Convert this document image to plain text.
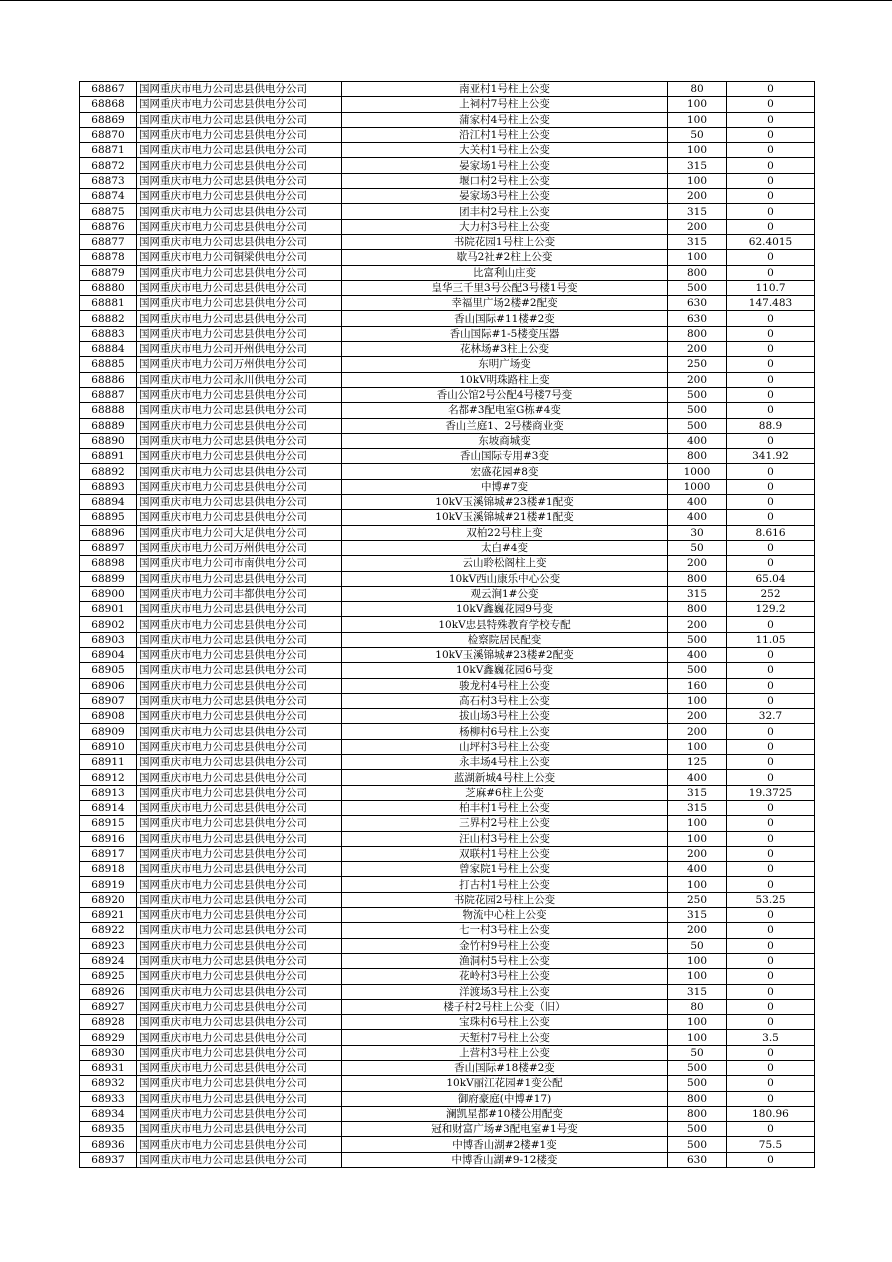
68867	国网重庆市电力公司忠县供电分公司	南亚村1号柱上公变	80	0
68868	国网重庆市电力公司忠县供电分公司	上祠村7号柱上公变	100	0
68869	国网重庆市电力公司忠县供电分公司	蒲家村4号柱上公变	100	0
68870	国网重庆市电力公司忠县供电分公司	沿江村1号柱上公变	50	0
68871	国网重庆市电力公司忠县供电分公司	大关村1号柱上公变	100	0
68872	国网重庆市电力公司忠县供电分公司	晏家场1号柱上公变	315	0
68873	国网重庆市电力公司忠县供电分公司	堰口村2号柱上公变	100	0
68874	国网重庆市电力公司忠县供电分公司	晏家场3号柱上公变	200	0
68875	国网重庆市电力公司忠县供电分公司	团丰村2号柱上公变	315	0
68876	国网重庆市电力公司忠县供电分公司	大力村3号柱上公变	200	0
68877	国网重庆市电力公司忠县供电分公司	书院花园1号柱上公变	315	62.4015
68878	国网重庆市电力公司铜梁供电分公司	歇马2社#2柱上公变	100	0
68879	国网重庆市电力公司忠县供电分公司	比富利山庄变	800	0
68880	国网重庆市电力公司忠县供电分公司	皇华三千里3号公配3号楼1号变	500	110.7
68881	国网重庆市电力公司忠县供电分公司	幸福里广场2楼#2配变	630	147.483
68882	国网重庆市电力公司忠县供电分公司	香山国际#11楼#2变	630	0
68883	国网重庆市电力公司忠县供电分公司	香山国际#1-5楼变压器	800	0
68884	国网重庆市电力公司开州供电分公司	花林场#3柱上公变	200	0
68885	国网重庆市电力公司万州供电分公司	东明广场变	250	0
68886	国网重庆市电力公司永川供电分公司	10kV明珠路柱上变	200	0
68887	国网重庆市电力公司忠县供电分公司	香山公馆2号公配4号楼7号变	500	0
68888	国网重庆市电力公司忠县供电分公司	名都#3配电室G栋#4变	500	0
68889	国网重庆市电力公司忠县供电分公司	香山兰庭1、2号楼商业变	500	88.9
68890	国网重庆市电力公司忠县供电分公司	东坡商城变	400	0
68891	国网重庆市电力公司忠县供电分公司	香山国际专用#3变	800	341.92
68892	国网重庆市电力公司忠县供电分公司	宏盛花园#8变	1000	0
68893	国网重庆市电力公司忠县供电分公司	中博#7变	1000	0
68894	国网重庆市电力公司忠县供电分公司	10kV玉溪锦城#23楼#1配变	400	0
68895	国网重庆市电力公司忠县供电分公司	10kV玉溪锦城#21楼#1配变	400	0
68896	国网重庆市电力公司大足供电分公司	双柏22号柱上变	30	8.616
68897	国网重庆市电力公司万州供电分公司	太白#4变	50	0
68898	国网重庆市电力公司市南供电分公司	云山聆松阁柱上变	200	0
68899	国网重庆市电力公司忠县供电分公司	10kV西山康乐中心公变	800	65.04
68900	国网重庆市电力公司丰都供电分公司	观云涧1#公变	315	252
68901	国网重庆市电力公司忠县供电分公司	10kV鑫巍花园9号变	800	129.2
68902	国网重庆市电力公司忠县供电分公司	10kV忠县特殊教育学校专配	200	0
68903	国网重庆市电力公司忠县供电分公司	检察院居民配变	500	11.05
68904	国网重庆市电力公司忠县供电分公司	10kV玉溪锦城#23楼#2配变	400	0
68905	国网重庆市电力公司忠县供电分公司	10kV鑫巍花园6号变	500	0
68906	国网重庆市电力公司忠县供电分公司	骏龙村4号柱上公变	160	0
68907	国网重庆市电力公司忠县供电分公司	高石村3号柱上公变	100	0
68908	国网重庆市电力公司忠县供电分公司	拔山场3号柱上公变	200	32.7
68909	国网重庆市电力公司忠县供电分公司	杨柳村6号柱上公变	200	0
68910	国网重庆市电力公司忠县供电分公司	山坪村3号柱上公变	100	0
68911	国网重庆市电力公司忠县供电分公司	永丰场4号柱上公变	125	0
68912	国网重庆市电力公司忠县供电分公司	蓝湖新城4号柱上公变	400	0
68913	国网重庆市电力公司忠县供电分公司	芝麻#6柱上公变	315	19.3725
68914	国网重庆市电力公司忠县供电分公司	柏丰村1号柱上公变	315	0
68915	国网重庆市电力公司忠县供电分公司	三界村2号柱上公变	100	0
68916	国网重庆市电力公司忠县供电分公司	汪山村3号柱上公变	100	0
68917	国网重庆市电力公司忠县供电分公司	双联村1号柱上公变	200	0
68918	国网重庆市电力公司忠县供电分公司	曾家院1号柱上公变	400	0
68919	国网重庆市电力公司忠县供电分公司	打古村1号柱上公变	100	0
68920	国网重庆市电力公司忠县供电分公司	书院花园2号柱上公变	250	53.25
68921	国网重庆市电力公司忠县供电分公司	物流中心柱上公变	315	0
68922	国网重庆市电力公司忠县供电分公司	七一村3号柱上公变	200	0
68923	国网重庆市电力公司忠县供电分公司	金竹村9号柱上公变	50	0
68924	国网重庆市电力公司忠县供电分公司	渔洞村5号柱上公变	100	0
68925	国网重庆市电力公司忠县供电分公司	花岭村3号柱上公变	100	0
68926	国网重庆市电力公司忠县供电分公司	洋渡场3号柱上公变	315	0
68927	国网重庆市电力公司忠县供电分公司	楼子村2号柱上公变（旧）	80	0
68928	国网重庆市电力公司忠县供电分公司	宝珠村6号柱上公变	100	0
68929	国网重庆市电力公司忠县供电分公司	天堑村7号柱上公变	100	3.5
68930	国网重庆市电力公司忠县供电分公司	上营村3号柱上公变	50	0
68931	国网重庆市电力公司忠县供电分公司	香山国际#18楼#2变	500	0
68932	国网重庆市电力公司忠县供电分公司	10kV丽江花园#1变公配	500	0
68933	国网重庆市电力公司忠县供电分公司	御府豪庭(中博#17)	800	0
68934	国网重庆市电力公司忠县供电分公司	澜凯星都#10楼公用配变	800	180.96
68935	国网重庆市电力公司忠县供电分公司	冠和财富广场#3配电室#1号变	500	0
68936	国网重庆市电力公司忠县供电分公司	中博香山湖#2楼#1变	500	75.5
68937	国网重庆市电力公司忠县供电分公司	中博香山湖#9-12楼变	630	0
